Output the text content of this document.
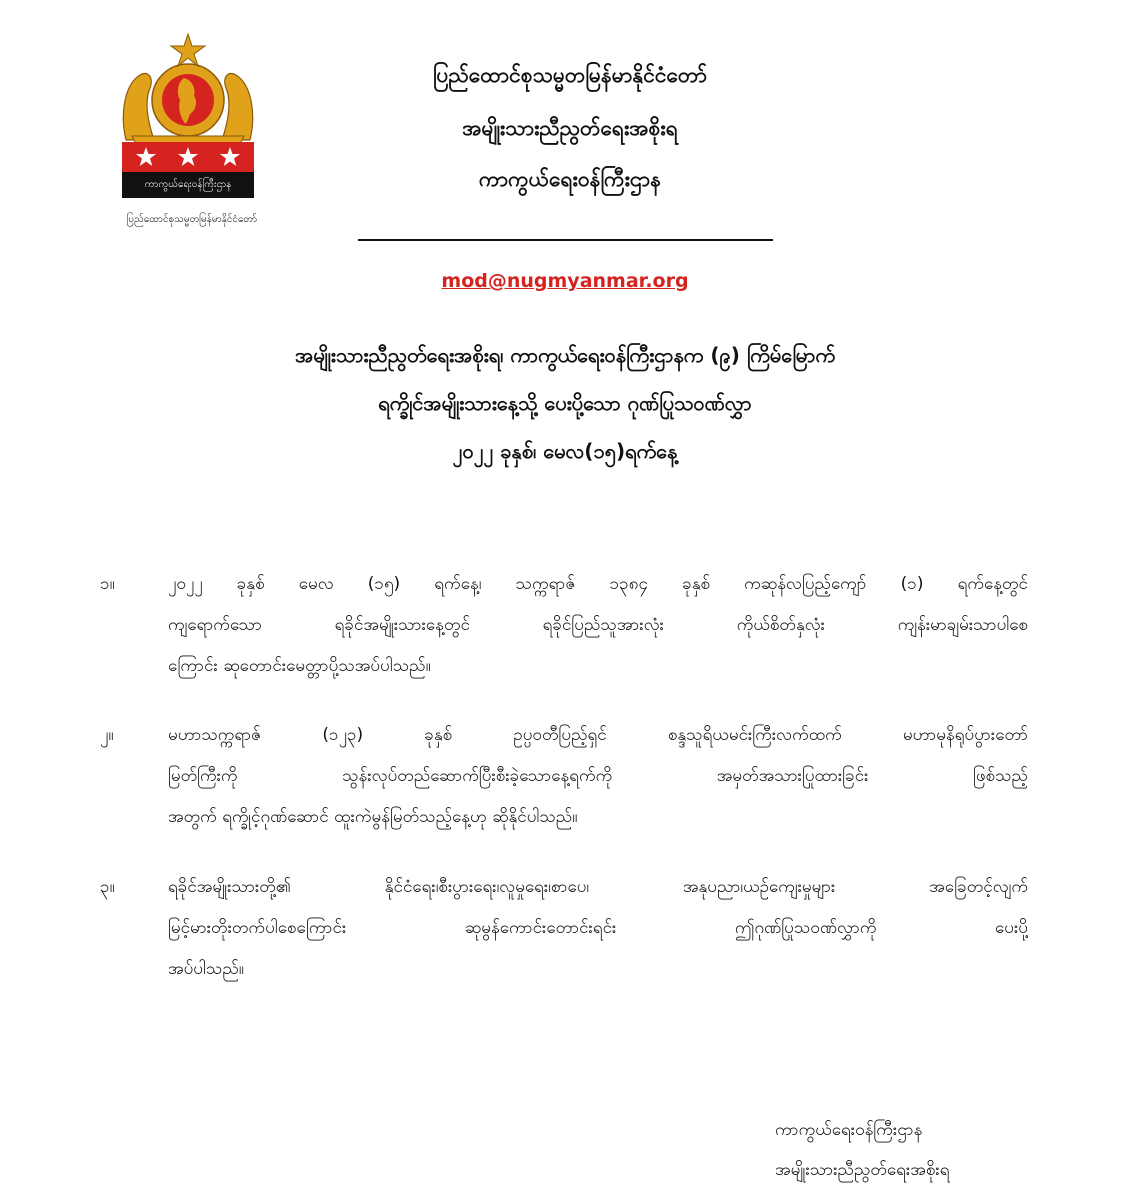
ကာကွယ်ရေးဝန်ကြီးဌာန
ပြည်ထောင်စုသမ္မတမြန်မာနိုင်ငံတော်
ပြည်ထောင်စုသမ္မတမြန်မာနိုင်ငံတော်
အမျိုးသားညီညွတ်ရေးအစိုးရ
ကာကွယ်ရေးဝန်ကြီးဌာန
mod@nugmyanmar.org
အမျိုးသားညီညွတ်ရေးအစိုးရ၊ ကာကွယ်ရေးဝန်ကြီးဌာနက (၉) ကြိမ်မြောက်
ရက္ခိုင်အမျိုးသားနေ့သို့ ပေးပို့သော ဂုဏ်ပြုသဝဏ်လွှာ
၂၀၂၂ ခုနှစ်၊ မေလ(၁၅)ရက်နေ့
၁။	၂၀၂၂ ခုနှစ် မေလ (၁၅) ရက်နေ့၊ သက္ကရာဇ် ၁၃၈၄ ခုနှစ် ကဆုန်လပြည့်ကျော် (၁) ရက်နေ့တွင်
ကျရောက်သော ရခိုင်အမျိုးသားနေ့တွင် ရခိုင်ပြည်သူအားလုံး ကိုယ်စိတ်နှလုံး ကျန်းမာချမ်းသာပါစေ
ကြောင်း ဆုတောင်းမေတ္တာပို့သအပ်ပါသည်။
၂။	မဟာသက္ကရာဇ် (၁၂၃) ခုနှစ် ဥပ္ပဝတီပြည့်ရှင် စန္ဒသူရိယမင်းကြီးလက်ထက် မဟာမုနိရုပ်ပွားတော်
မြတ်ကြီးကို သွန်းလုပ်တည်ဆောက်ပြီးစီးခဲ့သောနေ့ရက်ကို အမှတ်အသားပြုထားခြင်း ဖြစ်သည့်
အတွက် ရက္ခိုင့်ဂုဏ်ဆောင် ထူးကဲမွန်မြတ်သည့်နေ့ဟု ဆိုနိုင်ပါသည်။
၃။	ရခိုင်အမျိုးသားတို့၏ နိုင်ငံရေး၊စီးပွားရေး၊လူမှုရေး၊စာပေ၊ အနုပညာ၊ယဉ်ကျေးမှုများ အခြေတင့်လျက်
မြင့်မားတိုးတက်ပါစေကြောင်း ဆုမွန်ကောင်းတောင်းရင်း ဤဂုဏ်ပြုသဝဏ်လွှာကို ပေးပို့
အပ်ပါသည်။
ကာကွယ်ရေးဝန်ကြီးဌာန
အမျိုးသားညီညွတ်ရေးအစိုးရ
